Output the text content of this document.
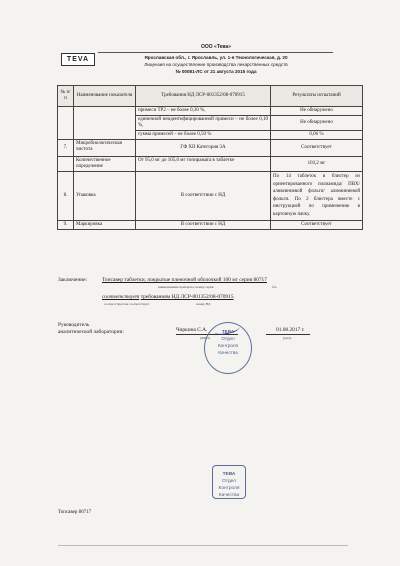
TEVA
ООО «Тева»
Ярославская обл., г. Ярославль, ул. 1-я Технологическая, д. 20
Лицензия на осуществление производства лекарственных средств
№ 00081-ЛС от 21 августа 2015 года
№ п/п	Наименование показателя	Требования НД ЛСР-001352/08-070915	Результаты испытаний
		примеси ТР2 – не более 0,30 %,	Не обнаружено
		единичной неидентифицированной примеси – не более 0,10 %,	Не обнаружено
		сумма примесей – не более 0,50 %	0,06 %
7.	Микробиологическая чистота	ГФ XII Категория 3А	Соответствует
	Количественное определение	От 95,0 мг до 105,0 мг топирамата в таблетке	103,2 мг
8.	Упаковка	В соответствии с НД	По 14 таблеток в блистер из ориентированного полиамида/ ПВХ/ алюминиевой фольги/ алюминиевой фольги. По 2 блистера вместе с инструкцией по применению в картонную пачку.
9.	Маркировка	В соответствии с НД	Соответствует
Заключение:	Топсавер таблетки, покрытые пленочной оболочкой 100 мг серия 80717
наименование препарата, номер серии	б/н
соответствует требованиям НД ЛСР-001352/08-070915
соответствует/не соответствует	номер НД
Руководитель
аналитической лаборатории:	Чиркина С.А.
(ФИО)
01.08.2017 г.
(дата)
ТЕВА
Отдел
Контроля
Качества
ТЕВА
Отдел
Контроля
Качества
Топсавер 80717
